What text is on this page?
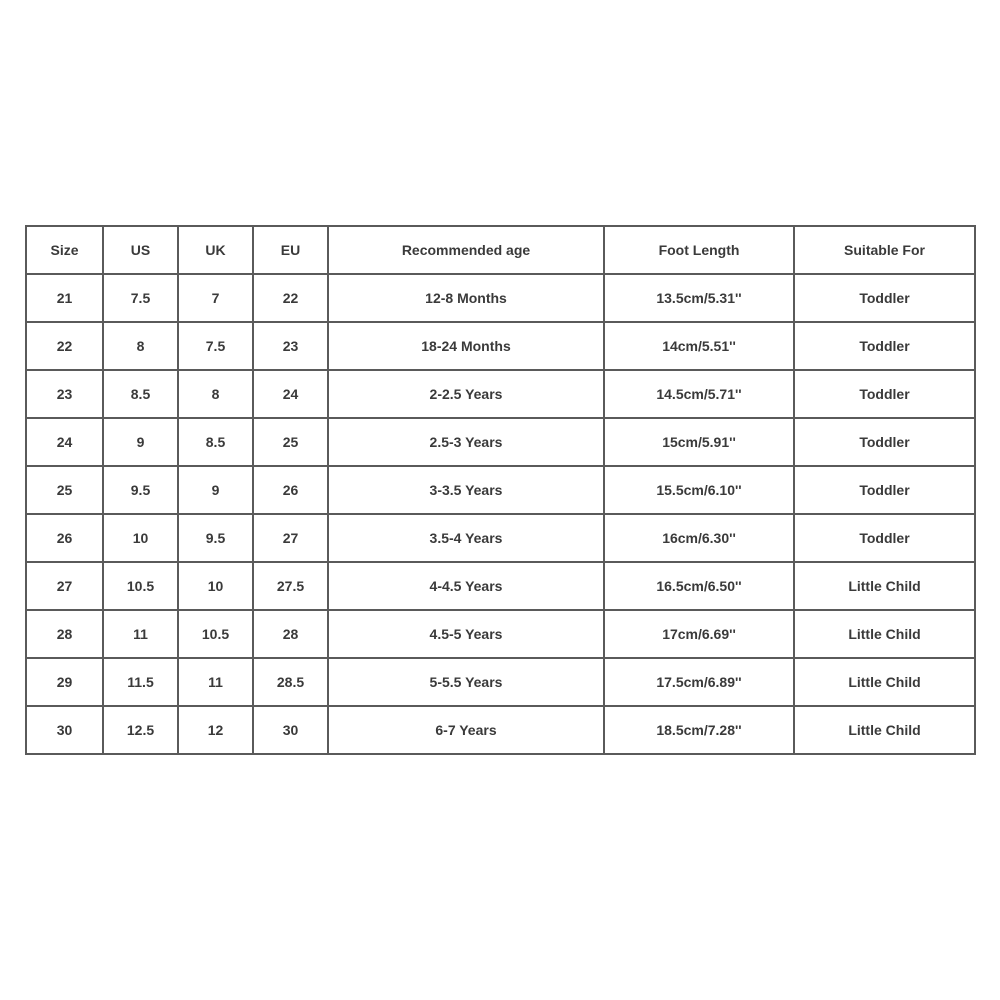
Size	US	UK	EU	Recommended age	Foot Length	Suitable For
21	7.5	7	22	12-8 Months	13.5cm/5.31''	Toddler
22	8	7.5	23	18-24 Months	14cm/5.51''	Toddler
23	8.5	8	24	2-2.5 Years	14.5cm/5.71''	Toddler
24	9	8.5	25	2.5-3 Years	15cm/5.91''	Toddler
25	9.5	9	26	3-3.5 Years	15.5cm/6.10''	Toddler
26	10	9.5	27	3.5-4 Years	16cm/6.30''	Toddler
27	10.5	10	27.5	4-4.5 Years	16.5cm/6.50''	Little Child
28	11	10.5	28	4.5-5 Years	17cm/6.69''	Little Child
29	11.5	11	28.5	5-5.5 Years	17.5cm/6.89''	Little Child
30	12.5	12	30	6-7 Years	18.5cm/7.28''	Little Child
